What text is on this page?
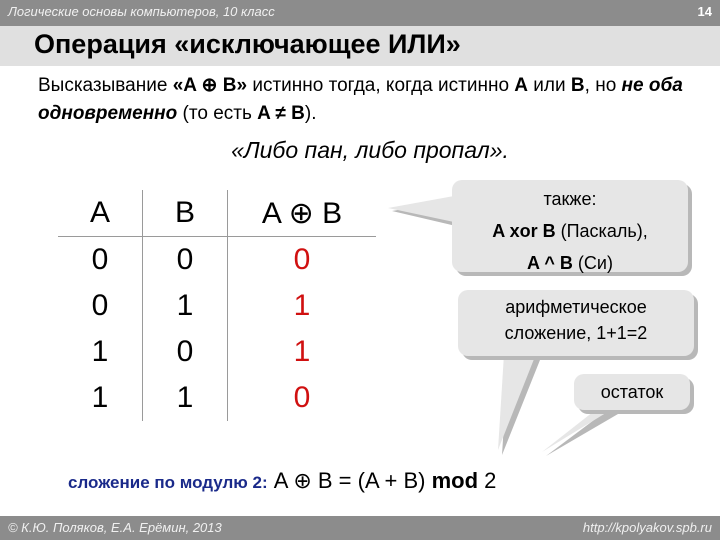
Логические основы компьютеров, 10 класс	14
Операция «исключающее ИЛИ»
Высказывание «A ⊕ B» истинно тогда, когда истинно A или B, но не оба одновременно (то есть A ≠ B).
«Либо пан, либо пропал».
A	B	A ⊕ B
0	0	0
0	1	1
1	0	1
1	1	0
также:
A xor B (Паскаль),
A ^ B (Си)
арифметическое
сложение, 1+1=2
остаток
сложение по модулю 2: A ⊕ B = (A + B) mod 2
© К.Ю. Поляков, Е.А. Ерёмин, 2013	http://kpolyakov.spb.ru
